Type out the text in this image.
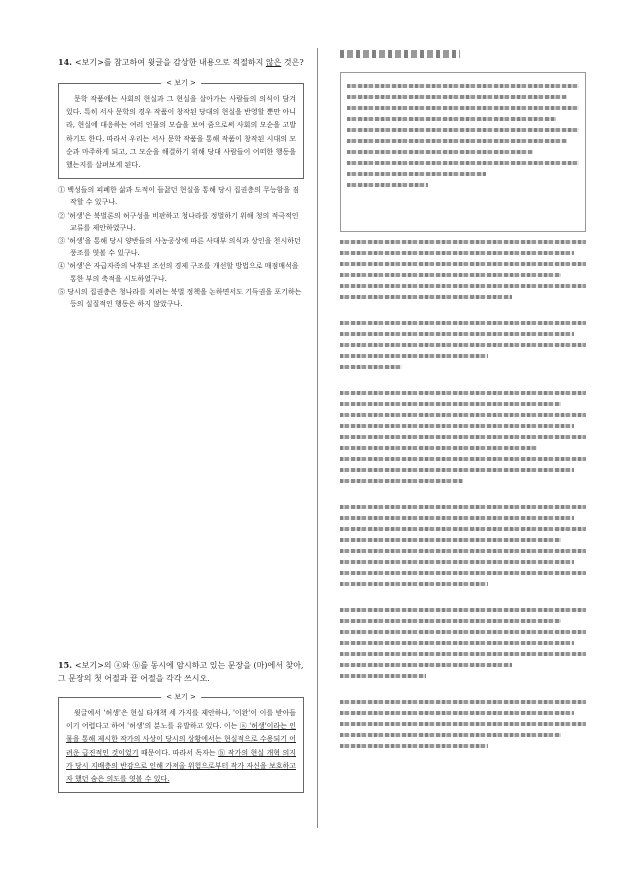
14. <보기>를 참고하여 윗글을 감상한 내용으로 적절하지 않은 것은?

< 보기 >

문학 작품에는 사회의 현실과 그 현실을 살아가는 사람들의 의식이 담겨 있다. 특히 서사 문학의 경우 작품이 창작된 당대의 현실을 반영할 뿐만 아니라, 현실에 대응하는 여러 인물의 모습을 보여 줌으로써 사회의 모순을 고발하기도 한다. 따라서 우리는 서사 문학 작품을 통해 작품이 창작된 시대의 모순과 마주하게 되고, 그 모순을 해결하기 위해 당대 사람들이 어떠한 행동을 했는지를 살펴보게 된다.

① 백성들의 피폐한 삶과 도적이 들끓던 현실을 통해 당시 집권층의 무능함을 짐작할 수 있구나.
② '허생'은 북벌론의 허구성을 비판하고 청나라를 정벌하기 위해 청의 적극적인 교류를 제안하였구나.
③ '허생'을 통해 당시 양반들의 사농공상에 따른 사대부 의식과 상인을 천시하던 풍조를 엿볼 수 있구나.
④ '허생'은 자급자족의 낙후된 조선의 경제 구조를 개선할 방법으로 매점매석을 통한 부의 축적을 시도하였구나.
⑤ 당시의 집권층은 청나라를 치려는 북벌 정책을 논하면서도 기득권을 포기하는 등의 실질적인 행동은 하지 않았구나.

15. <보기>의 ⓐ와 ⓑ를 동시에 암시하고 있는 문장을 (마)에서 찾아, 그 문장의 첫 어절과 끝 어절을 각각 쓰시오.

< 보기 >

윗글에서 '허생'은 현실 타개책 세 가지를 제안하나, '이완'이 이를 받아들이기 어렵다고 하여 '허생'의 분노를 유발하고 있다. 이는 ⓐ '허생'이라는 인물을 통해 제시한 작가의 사상이 당시의 상황에서는 현실적으로 수용되기 어려운 급진적인 것이었기 때문이다. 따라서 독자는 ⓑ 작가의 현실 개혁 의지가 당시 지배층의 반감으로 인해 가져올 위험으로부터 작가 자신을 보호하고자 했던 숨은 의도를 엿볼 수 있다.
